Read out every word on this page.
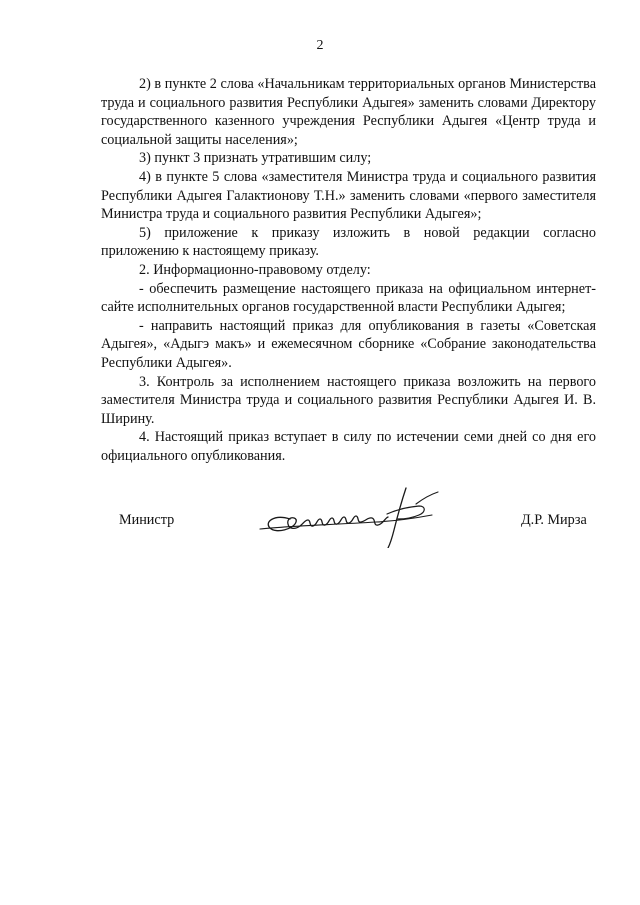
2

2) в пункте 2 слова «Начальникам территориальных органов Министерства труда и социального развития Республики Адыгея» заменить словами Директору государственного казенного учреждения Республики Адыгея «Центр труда и социальной защиты населения»;

3) пункт 3 признать утратившим силу;

4) в пункте 5 слова «заместителя Министра труда и социального развития Республики Адыгея Галактионову Т.Н.» заменить словами «первого заместителя Министра труда и социального развития Республики Адыгея»;

5) приложение к приказу изложить в новой редакции согласно приложению к настоящему приказу.

2. Информационно-правовому отделу:

- обеспечить размещение настоящего приказа на официальном интернет-сайте исполнительных органов государственной власти Республики Адыгея;

- направить настоящий приказ для опубликования в газеты «Советская Адыгея», «Адыгэ макъ» и ежемесячном сборнике «Собрание законодательства Республики Адыгея».

3. Контроль за исполнением настоящего приказа возложить на первого заместителя Министра труда и социального развития Республики Адыгея И. В. Ширину.

4. Настоящий приказ вступает в силу по истечении семи дней со дня его официального опубликования.

Министр	Д.Р. Мирза
